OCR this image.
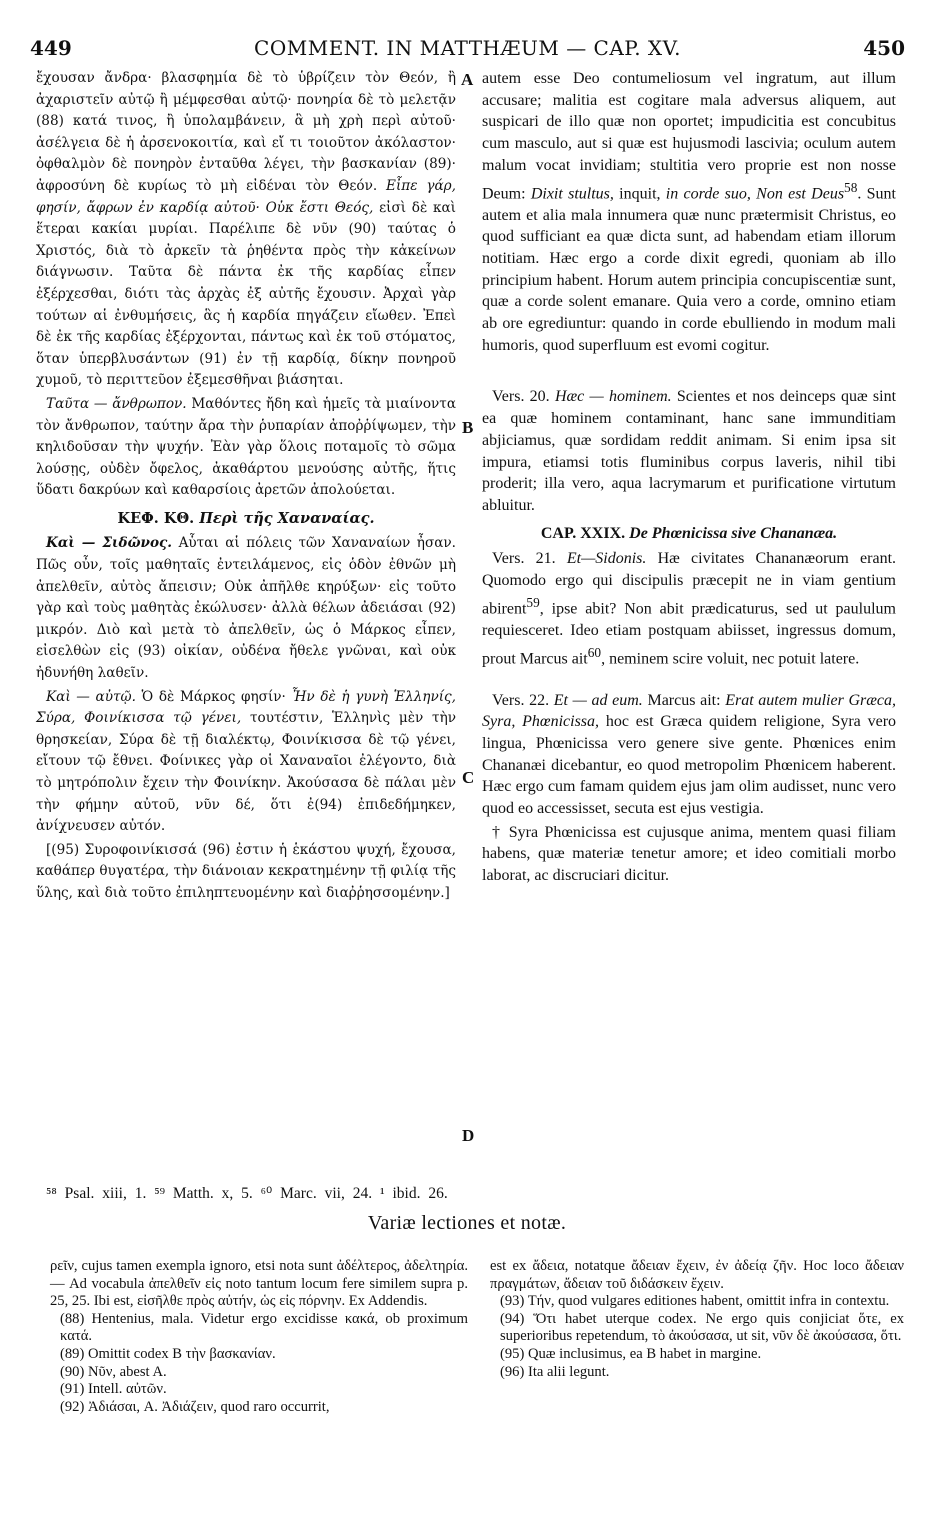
449	COMMENT. IN MATTHÆUM — CAP. XV.	450

ἔχουσαν ἄνδρα· βλασφημία δὲ τὸ ὑβρίζειν τὸν Θεόν, ἢ ἀχαριστεῖν αὐτῷ ἢ μέμφεσθαι αὐτῷ· πονηρία δὲ τὸ μελετᾷν (88) κατά τινος, ἢ ὑπολαμβάνειν, ἃ μὴ χρὴ περὶ αὐτοῦ· ἀσέλγεια δὲ ἡ ἀρσενοκοιτία, καὶ εἴ τι τοιοῦτον ἀκόλαστον· ὀφθαλμὸν δὲ πονηρὸν ἐνταῦθα λέγει, τὴν βασκανίαν (89)· ἀφροσύνη δὲ κυρίως τὸ μὴ εἰδέναι τὸν Θεόν. Εἶπε γάρ, φησίν, ἄφρων ἐν καρδίᾳ αὐτοῦ· Οὐκ ἔστι Θεός, εἰσὶ δὲ καὶ ἕτεραι κακίαι μυρίαι. Παρέλιπε δὲ νῦν (90) ταύτας ὁ Χριστός, διὰ τὸ ἀρκεῖν τὰ ῥηθέντα πρὸς τὴν κἀκείνων διάγνωσιν. Ταῦτα δὲ πάντα ἐκ τῆς καρδίας εἶπεν ἐξέρχεσθαι, διότι τὰς ἀρχὰς ἐξ αὐτῆς ἔχουσιν. Ἀρχαὶ γὰρ τούτων αἱ ἐνθυμήσεις, ἃς ἡ καρδία πηγάζειν εἴωθεν. Ἐπεὶ δὲ ἐκ τῆς καρδίας ἐξέρχονται, πάντως καὶ ἐκ τοῦ στόματος, ὅταν ὑπερβλυσάντων (91) ἐν τῇ καρδίᾳ, δίκην πονηροῦ χυμοῦ, τὸ περιττεῦον ἐξεμεσθῆναι βιάσηται.

Ταῦτα — ἄνθρωπον. Μαθόντες ἤδη καὶ ἡμεῖς τὰ μιαίνοντα τὸν ἄνθρωπον, ταύτην ἄρα τὴν ῥυπαρίαν ἀποῤῥίψωμεν, τὴν κηλιδοῦσαν τὴν ψυχήν. Ἐὰν γὰρ ὅλοις ποταμοῖς τὸ σῶμα λούσῃς, οὐδὲν ὄφελος, ἀκαθάρτου μενούσης αὐτῆς, ἥτις ὕδατι δακρύων καὶ καθαρσίοις ἀρετῶν ἀπολούεται.

ΚΕΦ. ΚΘ. Περὶ τῆς Χαναναίας.

Καὶ — Σιδῶνος. Αὗται αἱ πόλεις τῶν Χαναναίων ἦσαν. Πῶς οὖν, τοῖς μαθηταῖς ἐντειλάμενος, εἰς ὁδὸν ἐθνῶν μὴ ἀπελθεῖν, αὐτὸς ἄπεισιν; Οὐκ ἀπῆλθε κηρύξων· εἰς τοῦτο γὰρ καὶ τοὺς μαθητὰς ἐκώλυσεν· ἀλλὰ θέλων ἀδειάσαι (92) μικρόν. Διὸ καὶ μετὰ τὸ ἀπελθεῖν, ὡς ὁ Μάρκος εἶπεν, εἰσελθὼν εἰς (93) οἰκίαν, οὐδένα ἤθελε γνῶναι, καὶ οὐκ ἠδυνήθη λαθεῖν.

Καὶ — αὐτῷ. Ὁ δὲ Μάρκος φησίν· Ἦν δὲ ἡ γυνὴ Ἑλληνίς, Σύρα, Φοινίκισσα τῷ γένει, τουτέστιν, Ἑλληνὶς μὲν τὴν θρησκείαν, Σύρα δὲ τῇ διαλέκτῳ, Φοινίκισσα δὲ τῷ γένει, εἴτουν τῷ ἔθνει. Φοίνικες γὰρ οἱ Χαναναῖοι ἐλέγοντο, διὰ τὸ μητρόπολιν ἔχειν τὴν Φοινίκην. Ἀκούσασα δὲ πάλαι μὲν τὴν φήμην αὐτοῦ, νῦν δέ, ὅτι ἐ(94) ἐπιδεδήμηκεν, ἀνίχνευσεν αὐτόν.

[(95) Συροφοινίκισσά (96) ἐστιν ἡ ἑκάστου ψυχή, ἔχουσα, καθάπερ θυγατέρα, τὴν διάνοιαν κεκρατημένην τῇ φιλίᾳ τῆς ὕλης, καὶ διὰ τοῦτο ἐπιληπτευομένην καὶ διαῤῥησσομένην.]

A
B
C
D

autem esse Deo contumeliosum vel ingratum, aut illum accusare; malitia est cogitare mala adversus aliquem, aut suspicari de illo quæ non oportet; impudicitia est concubitus cum masculo, aut si quæ est hujusmodi lascivia; oculum autem malum vocat invidiam; stultitia vero proprie est non nosse Deum: Dixit stultus, inquit, in corde suo, Non est Deus$^{58}$. Sunt autem et alia mala innumera quæ nunc prætermisit Christus, eo quod sufficiant ea quæ dicta sunt, ad habendam etiam illorum notitiam. Hæc ergo a corde dixit egredi, quoniam ab illo principium habent. Horum autem principia concupiscentiæ sunt, quæ a corde solent emanare. Quia vero a corde, omnino etiam ab ore egrediuntur: quando in corde ebulliendo in modum mali humoris, quod superfluum est evomi cogitur.

Vers. 20. Hæc — hominem. Scientes et nos deinceps quæ sint ea quæ hominem contaminant, hanc sane immunditiam abjiciamus, quæ sordidam reddit animam. Si enim ipsa sit impura, etiamsi totis fluminibus corpus laveris, nihil tibi proderit; illa vero, aqua lacrymarum et purificatione virtutum abluitur.

CAP. XXIX. De Phœnicissa sive Chananæa.

Vers. 21. Et—Sidonis. Hæ civitates Chananæorum erant. Quomodo ergo qui discipulis præcepit ne in viam gentium abirent$^{59}$, ipse abit? Non abit prædicaturus, sed ut paululum requiesceret. Ideo etiam postquam abiisset, ingressus domum, prout Marcus ait$^{60}$, neminem scire voluit, nec potuit latere.

Vers. 22. Et — ad eum. Marcus ait: Erat autem mulier Græca, Syra, Phœnicissa, hoc est Græca quidem religione, Syra vero lingua, Phœnicissa vero genere sive gente. Phœnices enim Chananæi dicebantur, eo quod metropolim Phœnicem haberent. Hæc ergo cum famam quidem ejus jam olim audisset, nunc vero quod eo accessisset, secuta est ejus vestigia.

† Syra Phœnicissa est cujusque anima, mentem quasi filiam habens, quæ materiæ tenetur amore; et ideo comitiali morbo laborat, ac discruciari dicitur.

⁵⁸ Psal. xiii, 1. ⁵⁹ Matth. x, 5. ⁶⁰ Marc. vii, 24. ¹ ibid. 26.
Variæ lectiones et notæ.

ρεῖν, cujus tamen exempla ignoro, etsi nota sunt ἀδέλτερος, ἀδελτηρία. — Ad vocabula ἀπελθεῖν εἰς noto tantum locum fere similem supra p. 25, 25. Ibi est, εἰσῆλθε πρὸς αὐτήν, ὡς εἰς πόρνην. Ex Addendis.

(88) Hentenius, mala. Videtur ergo excidisse κακά, ob proximum κατά.

(89) Omittit codex B τὴν βασκανίαν.

(90) Νῦν, abest A.

(91) Intell. αὐτῶν.

(92) Ἀδιάσαι, A. Ἀδιάζειν, quod raro occurrit,

est ex ἄδεια, notatque ἄδειαν ἔχειν, ἐν ἀδείᾳ ζῆν. Hoc loco ἄδειαν πραγμάτων, ἄδειαν τοῦ διδάσκειν ἔχειν.

(93) Τήν, quod vulgares editiones habent, omittit infra in contextu.

(94) Ὅτι habet uterque codex. Ne ergo quis conjiciat ὅτε, ex superioribus repetendum, τὸ ἀκούσασα, ut sit, νῦν δὲ ἀκούσασα, ὅτι.

(95) Quæ inclusimus, ea B habet in margine.

(96) Ita alii legunt.
